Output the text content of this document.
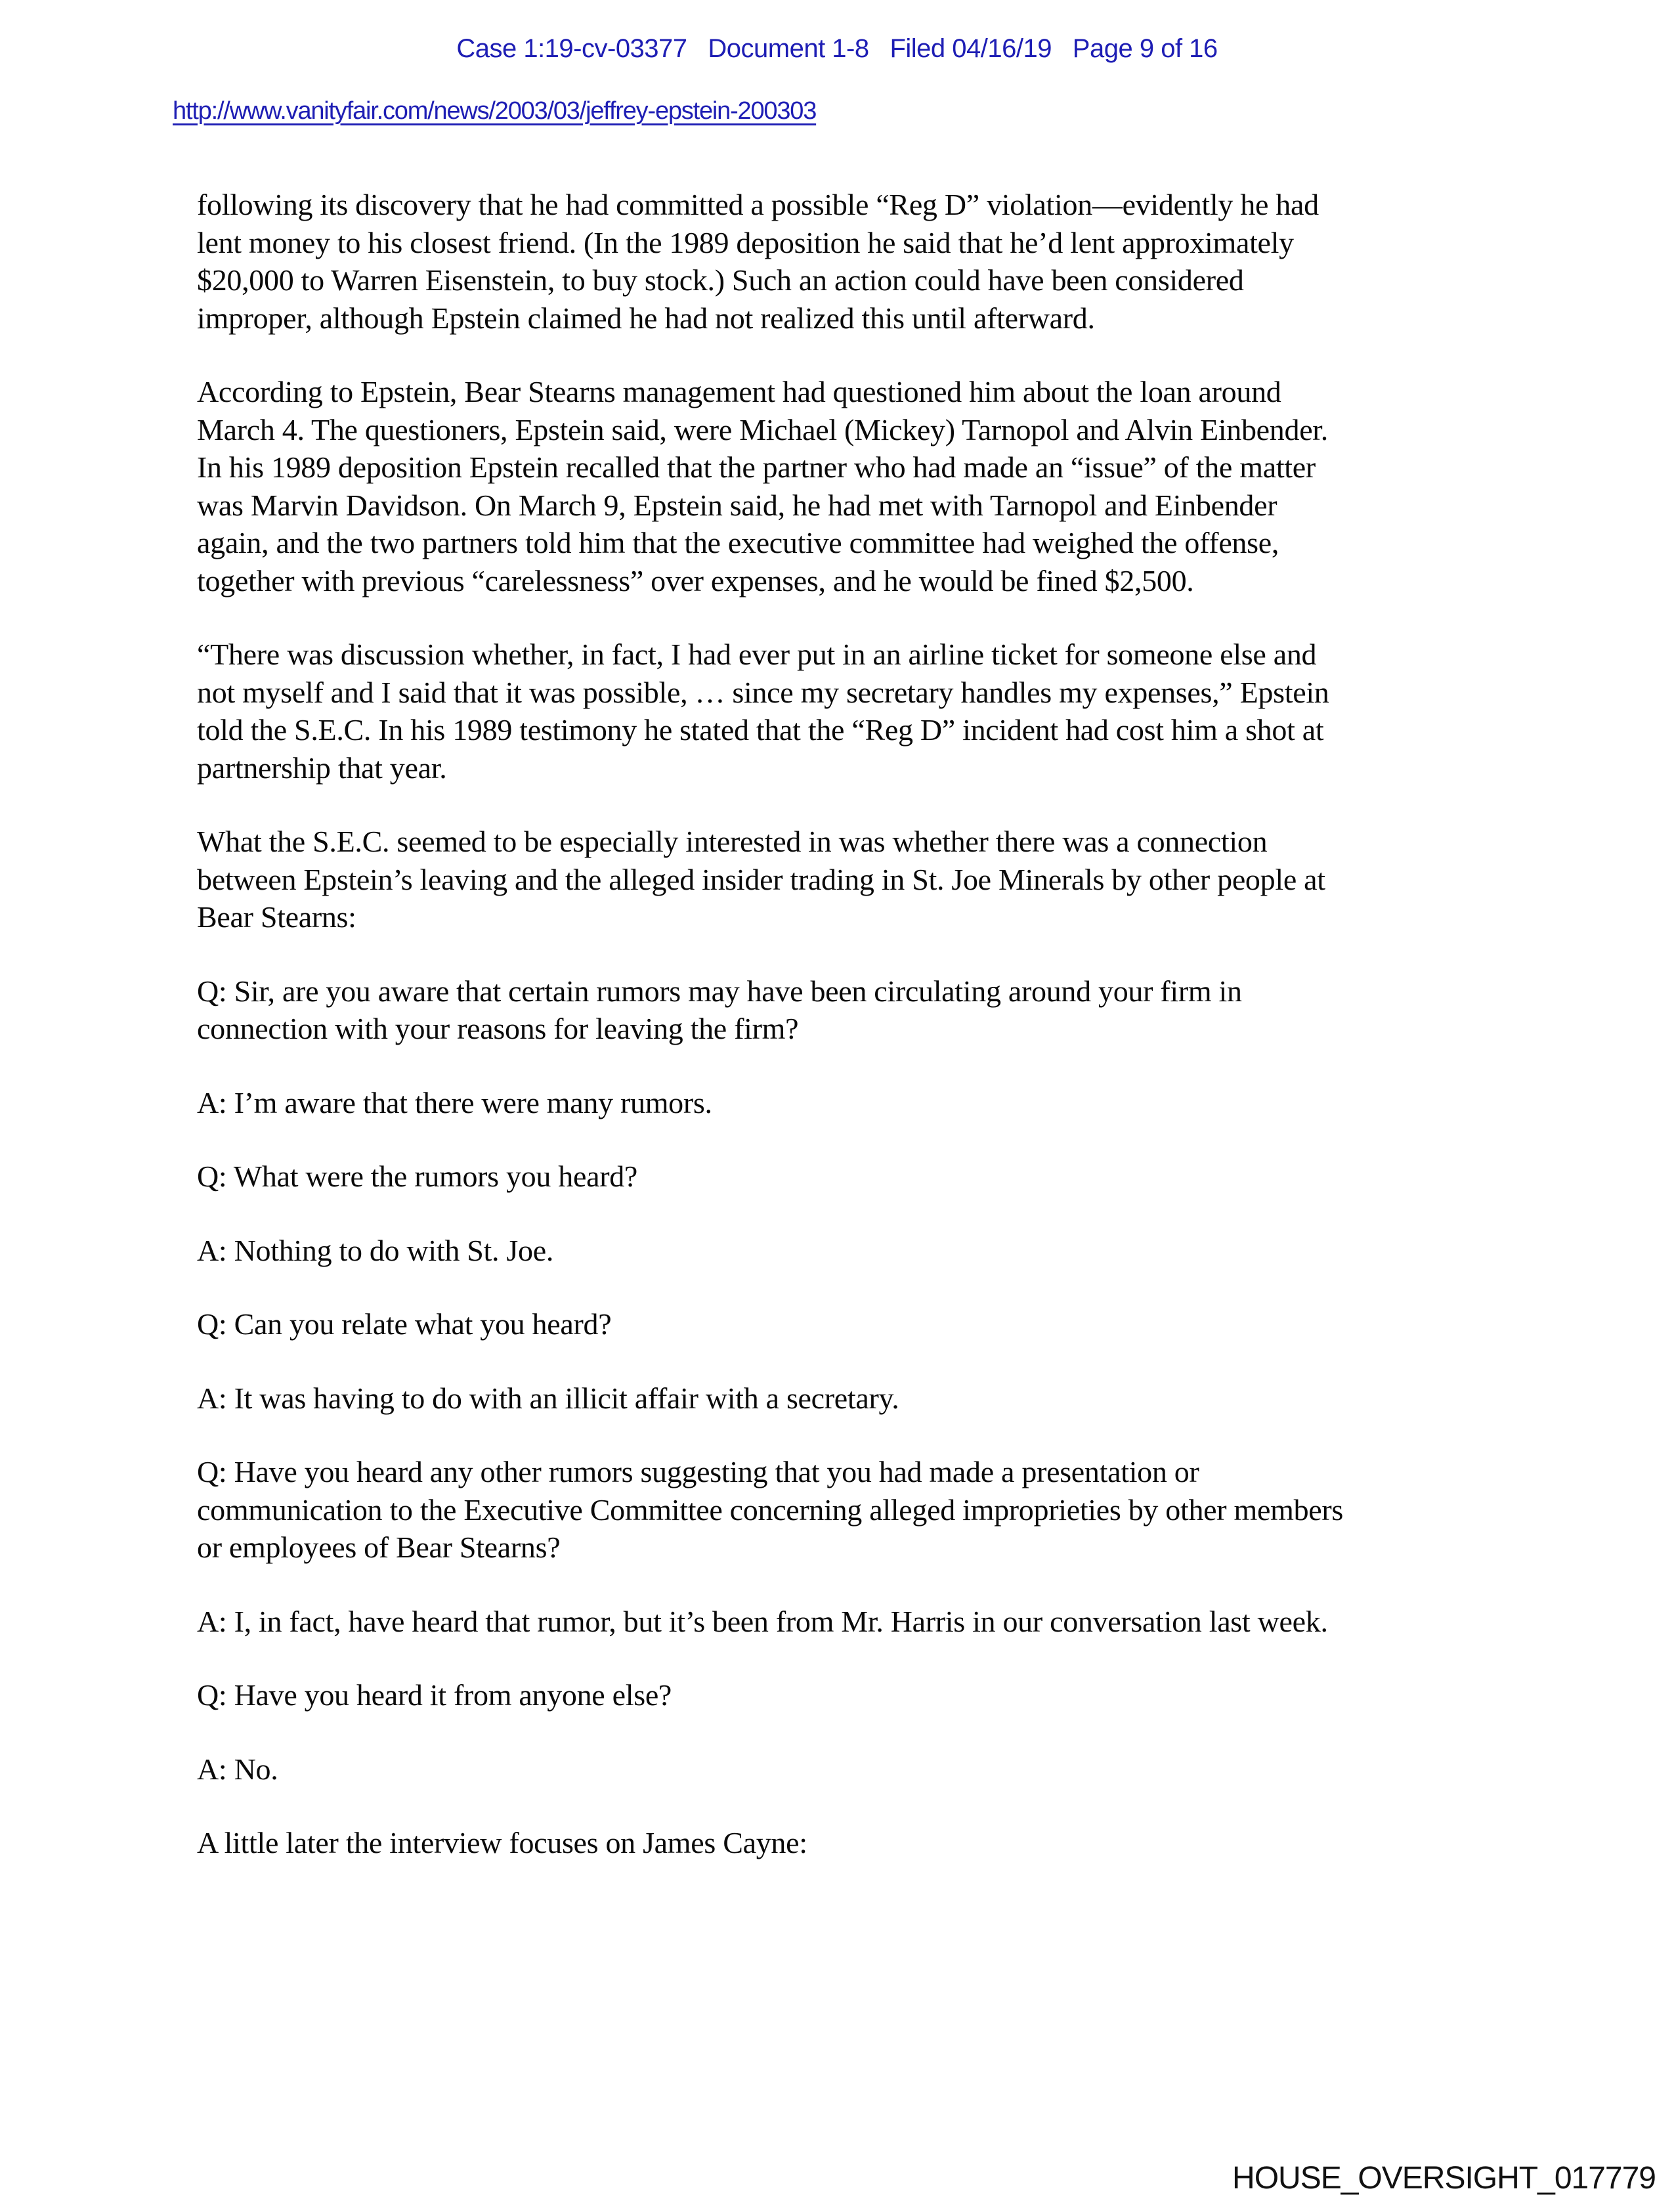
Case 1:19-cv-03377   Document 1-8   Filed 04/16/19   Page 9 of 16
http://www.vanityfair.com/news/2003/03/jeffrey-epstein-200303

following its discovery that he had committed a possible “Reg D” violation—evidently he had
lent money to his closest friend. (In the 1989 deposition he said that he’d lent approximately
$20,000 to Warren Eisenstein, to buy stock.) Such an action could have been considered
improper, although Epstein claimed he had not realized this until afterward.

According to Epstein, Bear Stearns management had questioned him about the loan around
March 4. The questioners, Epstein said, were Michael (Mickey) Tarnopol and Alvin Einbender.
In his 1989 deposition Epstein recalled that the partner who had made an “issue” of the matter
was Marvin Davidson. On March 9, Epstein said, he had met with Tarnopol and Einbender
again, and the two partners told him that the executive committee had weighed the offense,
together with previous “carelessness” over expenses, and he would be fined $2,500.

“There was discussion whether, in fact, I had ever put in an airline ticket for someone else and
not myself and I said that it was possible, … since my secretary handles my expenses,” Epstein
told the S.E.C. In his 1989 testimony he stated that the “Reg D” incident had cost him a shot at
partnership that year.

What the S.E.C. seemed to be especially interested in was whether there was a connection
between Epstein’s leaving and the alleged insider trading in St. Joe Minerals by other people at
Bear Stearns:

Q: Sir, are you aware that certain rumors may have been circulating around your firm in
connection with your reasons for leaving the firm?

A: I’m aware that there were many rumors.

Q: What were the rumors you heard?

A: Nothing to do with St. Joe.

Q: Can you relate what you heard?

A: It was having to do with an illicit affair with a secretary.

Q: Have you heard any other rumors suggesting that you had made a presentation or
communication to the Executive Committee concerning alleged improprieties by other members
or employees of Bear Stearns?

A: I, in fact, have heard that rumor, but it’s been from Mr. Harris in our conversation last week.

Q: Have you heard it from anyone else?

A: No.

A little later the interview focuses on James Cayne:

HOUSE_OVERSIGHT_017779
